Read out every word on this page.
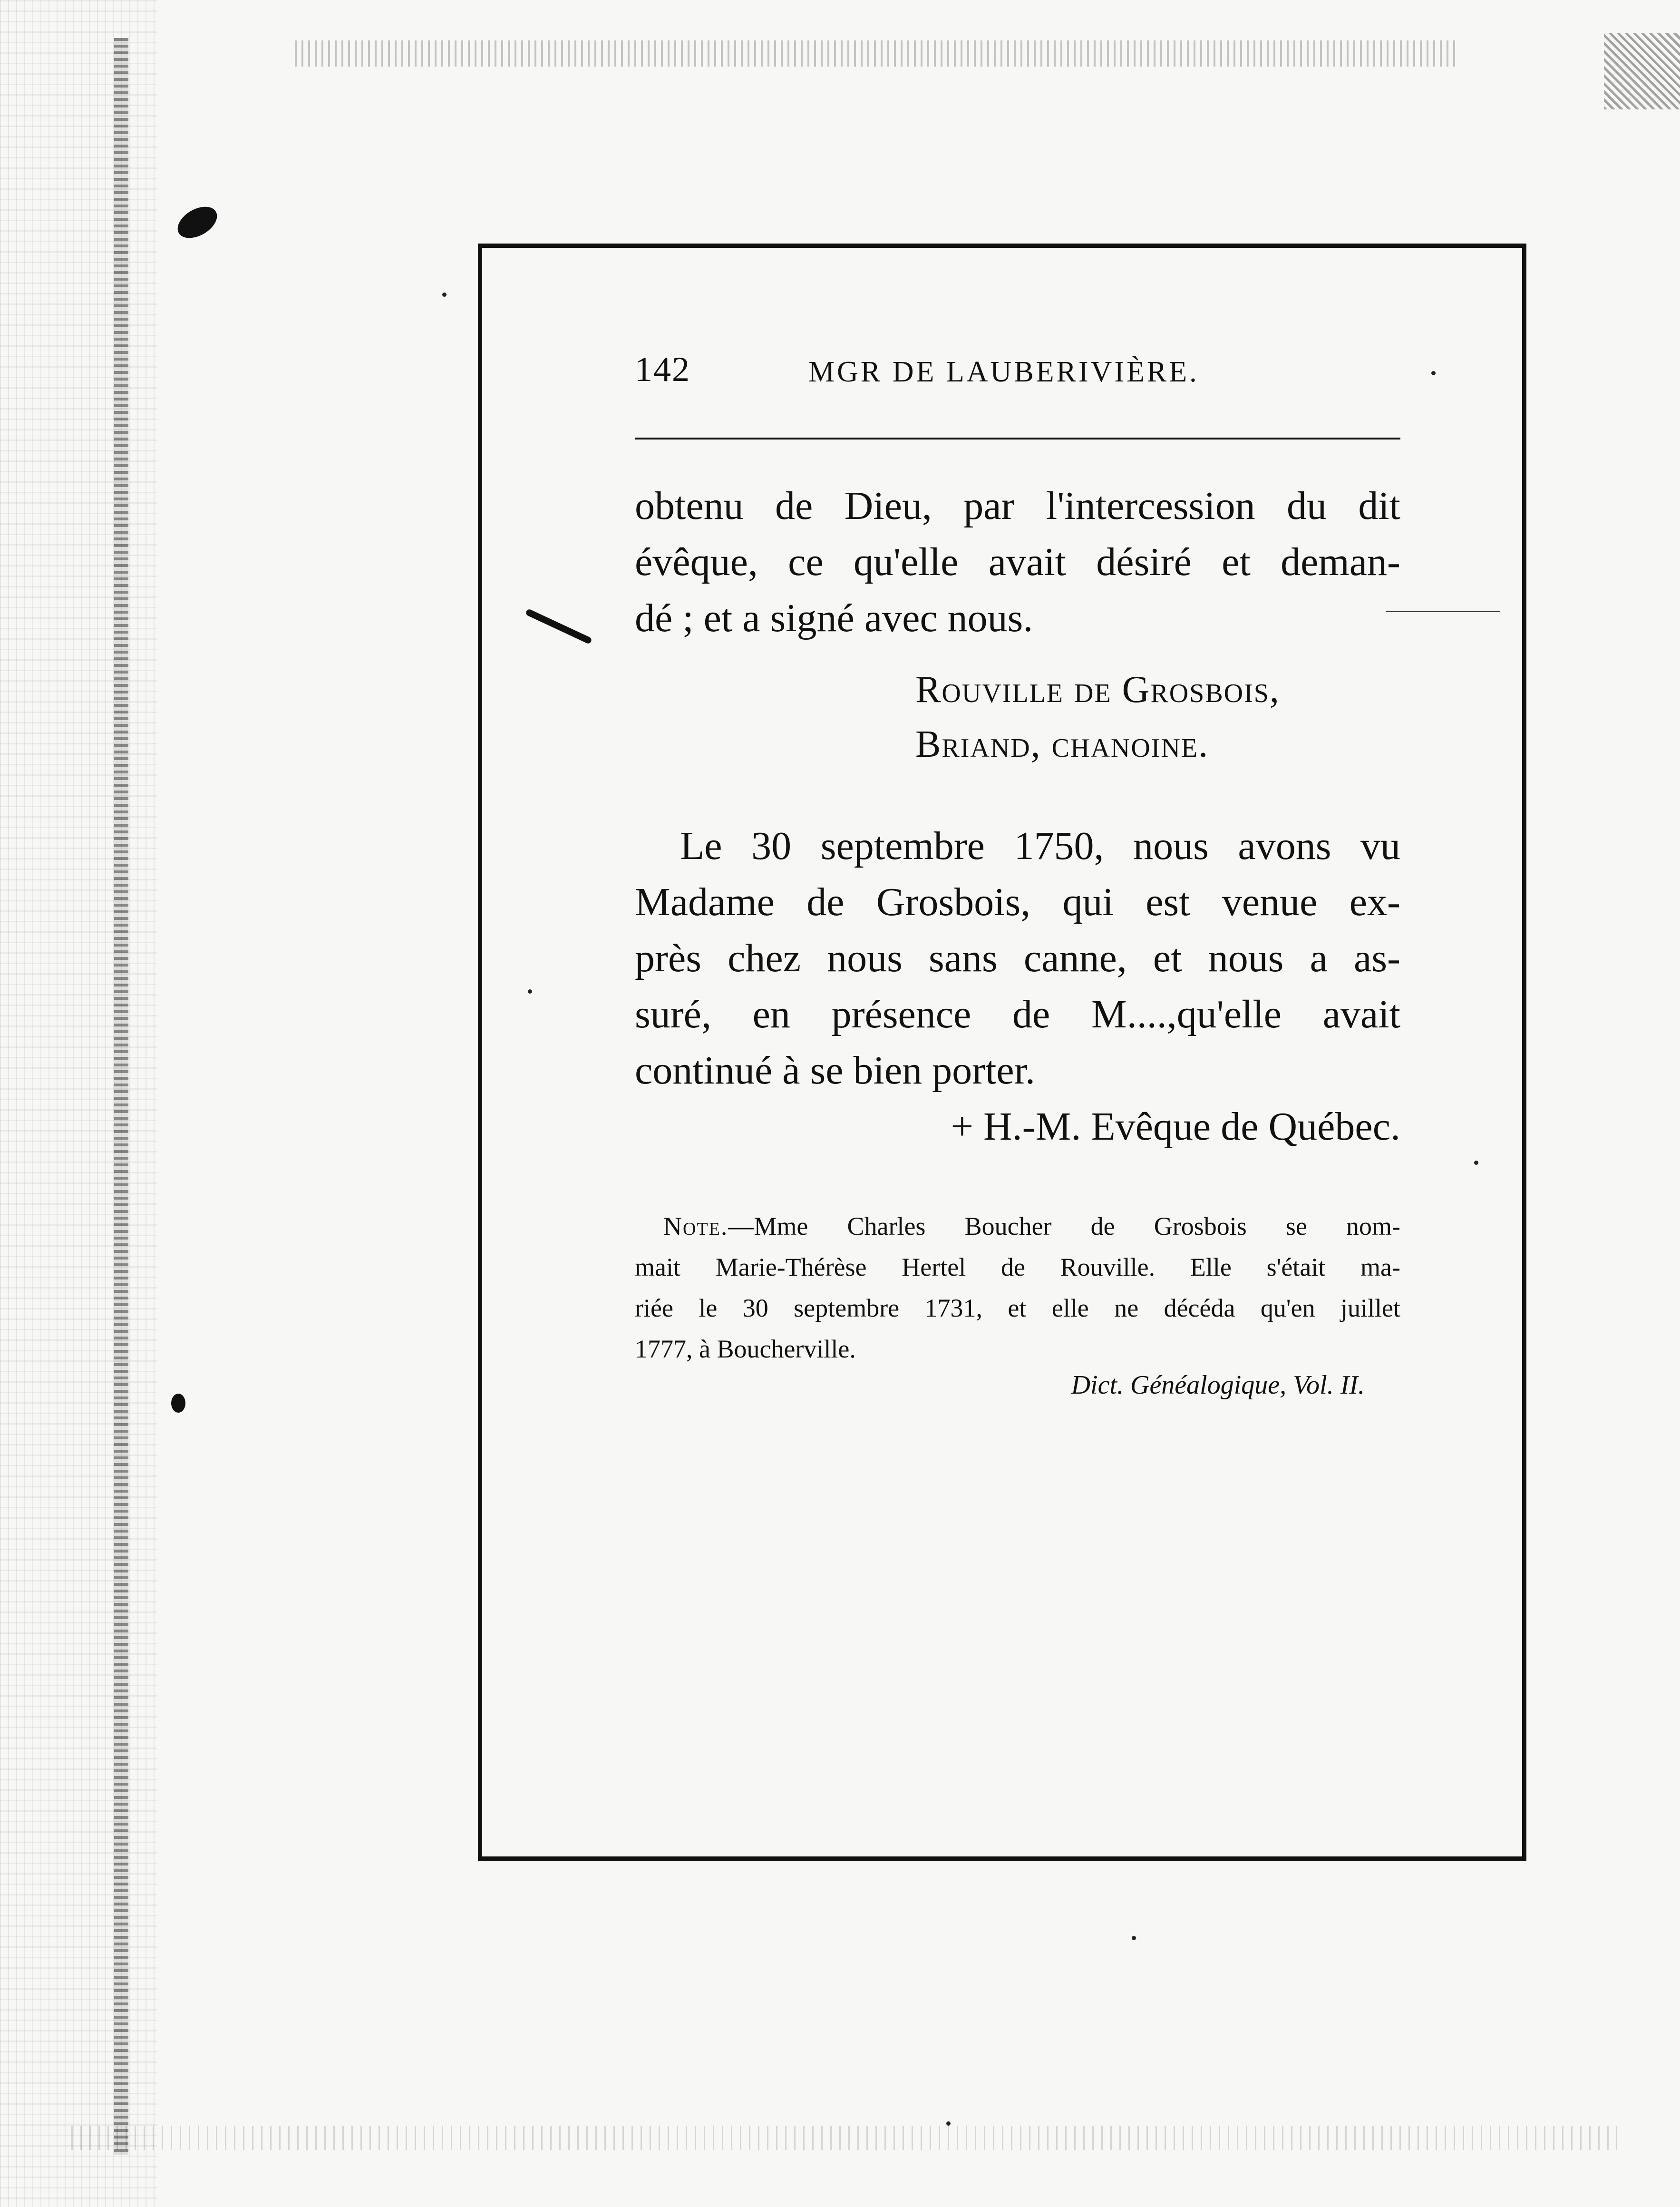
142	MGR DE LAUBERIVIÈRE.
obtenu de Dieu, par l'intercession du dit
évêque, ce qu'elle avait désiré et deman-
dé ; et a signé avec nous.
Rouville de Grosbois,
Briand, chanoine.
Le 30 septembre 1750, nous avons vu
Madame de Grosbois, qui est venue ex-
près chez nous sans canne, et nous a as-
suré, en présence de M....,qu'elle avait
continué à se bien porter.
+ H.-M. Evêque de Québec.
Note.—Mme Charles Boucher de Grosbois se nom-
mait Marie-Thérèse Hertel de Rouville. Elle s'était ma-
riée le 30 septembre 1731, et elle ne décéda qu'en juillet
1777, à Boucherville.
Dict. Généalogique, Vol. II.
